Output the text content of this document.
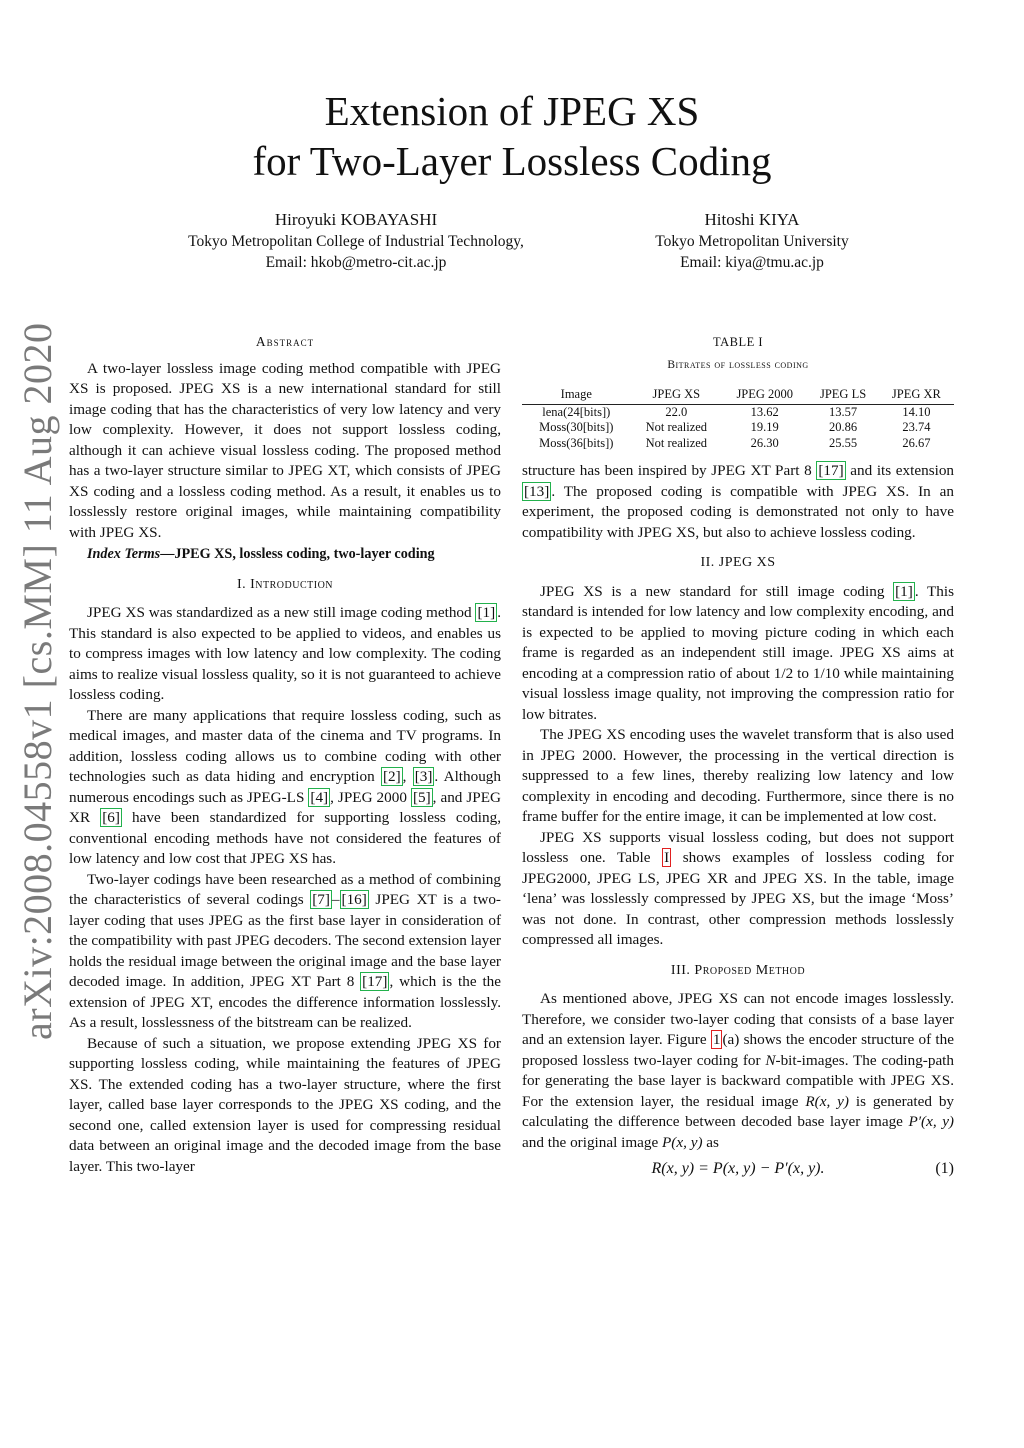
arXiv:2008.04558v1 [cs.MM] 11 Aug 2020
Extension of JPEG XS
for Two-Layer Lossless Coding
Hiroyuki KOBAYASHI
Tokyo Metropolitan College of Industrial Technology,
Email: hkob@metro-cit.ac.jp
Hitoshi KIYA
Tokyo Metropolitan University
Email: kiya@tmu.ac.jp
Abstract

A two-layer lossless image coding method compatible with JPEG XS is proposed. JPEG XS is a new international standard for still image coding that has the characteristics of very low latency and very low complexity. However, it does not support lossless coding, although it can achieve visual lossless coding. The proposed method has a two-layer structure similar to JPEG XT, which consists of JPEG XS coding and a lossless coding method. As a result, it enables us to losslessly restore original images, while maintaining compatibility with JPEG XS.

Index Terms—JPEG XS, lossless coding, two-layer coding
I. Introduction

JPEG XS was standardized as a new still image coding method [1] . This standard is also expected to be applied to videos, and enables us to compress images with low latency and low complexity. The coding aims to realize visual lossless quality, so it is not guaranteed to achieve lossless coding.

There are many applications that require lossless coding, such as medical images, and master data of the cinema and TV programs. In addition, lossless coding allows us to combine coding with other technologies such as data hiding and encryption [2] , [3] . Although numerous encodings such as JPEG-LS [4] , JPEG 2000 [5] , and JPEG XR [6] have been standardized for supporting lossless coding, conventional encoding methods have not considered the features of low latency and low cost that JPEG XS has.

Two-layer codings have been researched as a method of combining the characteristics of several codings [7] – [16] JPEG XT is a two-layer coding that uses JPEG as the first base layer in consideration of the compatibility with past JPEG decoders. The second extension layer holds the residual image between the original image and the base layer decoded image. In addition, JPEG XT Part 8 [17] , which is the the extension of JPEG XT, encodes the difference information losslessly. As a result, losslessness of the bitstream can be realized.

Because of such a situation, we propose extending JPEG XS for supporting lossless coding, while maintaining the features of JPEG XS. The extended coding has a two-layer structure, where the first layer, called base layer corresponds to the JPEG XS coding, and the second one, called extension layer is used for compressing residual data between an original image and the decoded image from the base layer. This two-layer

TABLE I
Bitrates of lossless coding
Image	JPEG XS	JPEG 2000	JPEG LS	JPEG XR
lena(24[bits])	22.0	13.62	13.57	14.10
Moss(30[bits])	Not realized	19.19	20.86	23.74
Moss(36[bits])	Not realized	26.30	25.55	26.67

structure has been inspired by JPEG XT Part 8 [17] and its extension [13] . The proposed coding is compatible with JPEG XS. In an experiment, the proposed coding is demonstrated not only to have compatibility with JPEG XS, but also to achieve lossless coding.

II. JPEG XS

JPEG XS is a new standard for still image coding [1] . This standard is intended for low latency and low complexity encoding, and is expected to be applied to moving picture coding in which each frame is regarded as an independent still image. JPEG XS aims at encoding at a compression ratio of about 1/2 to 1/10 while maintaining visual lossless image quality, not improving the compression ratio for low bitrates.

The JPEG XS encoding uses the wavelet transform that is also used in JPEG 2000. However, the processing in the vertical direction is suppressed to a few lines, thereby realizing low latency and low complexity in encoding and decoding. Furthermore, since there is no frame buffer for the entire image, it can be implemented at low cost.

JPEG XS supports visual lossless coding, but does not support lossless one. Table I shows examples of lossless coding for JPEG2000, JPEG LS, JPEG XR and JPEG XS. In the table, image ‘lena’ was losslessly compressed by JPEG XS, but the image ‘Moss’ was not done. In contrast, other compression methods losslessly compressed all images.

III. Proposed Method

As mentioned above, JPEG XS can not encode images losslessly. Therefore, we consider two-layer coding that consists of a base layer and an extension layer. Figure 1 (a) shows the encoder structure of the proposed lossless two-layer coding for N-bit-images. The coding-path for generating the base layer is backward compatible with JPEG XS. For the extension layer, the residual image R(x, y) is generated by calculating the difference between decoded base layer image P′(x, y) and the original image P(x, y) as

R(x, y) = P(x, y) − P′(x, y).	(1)
